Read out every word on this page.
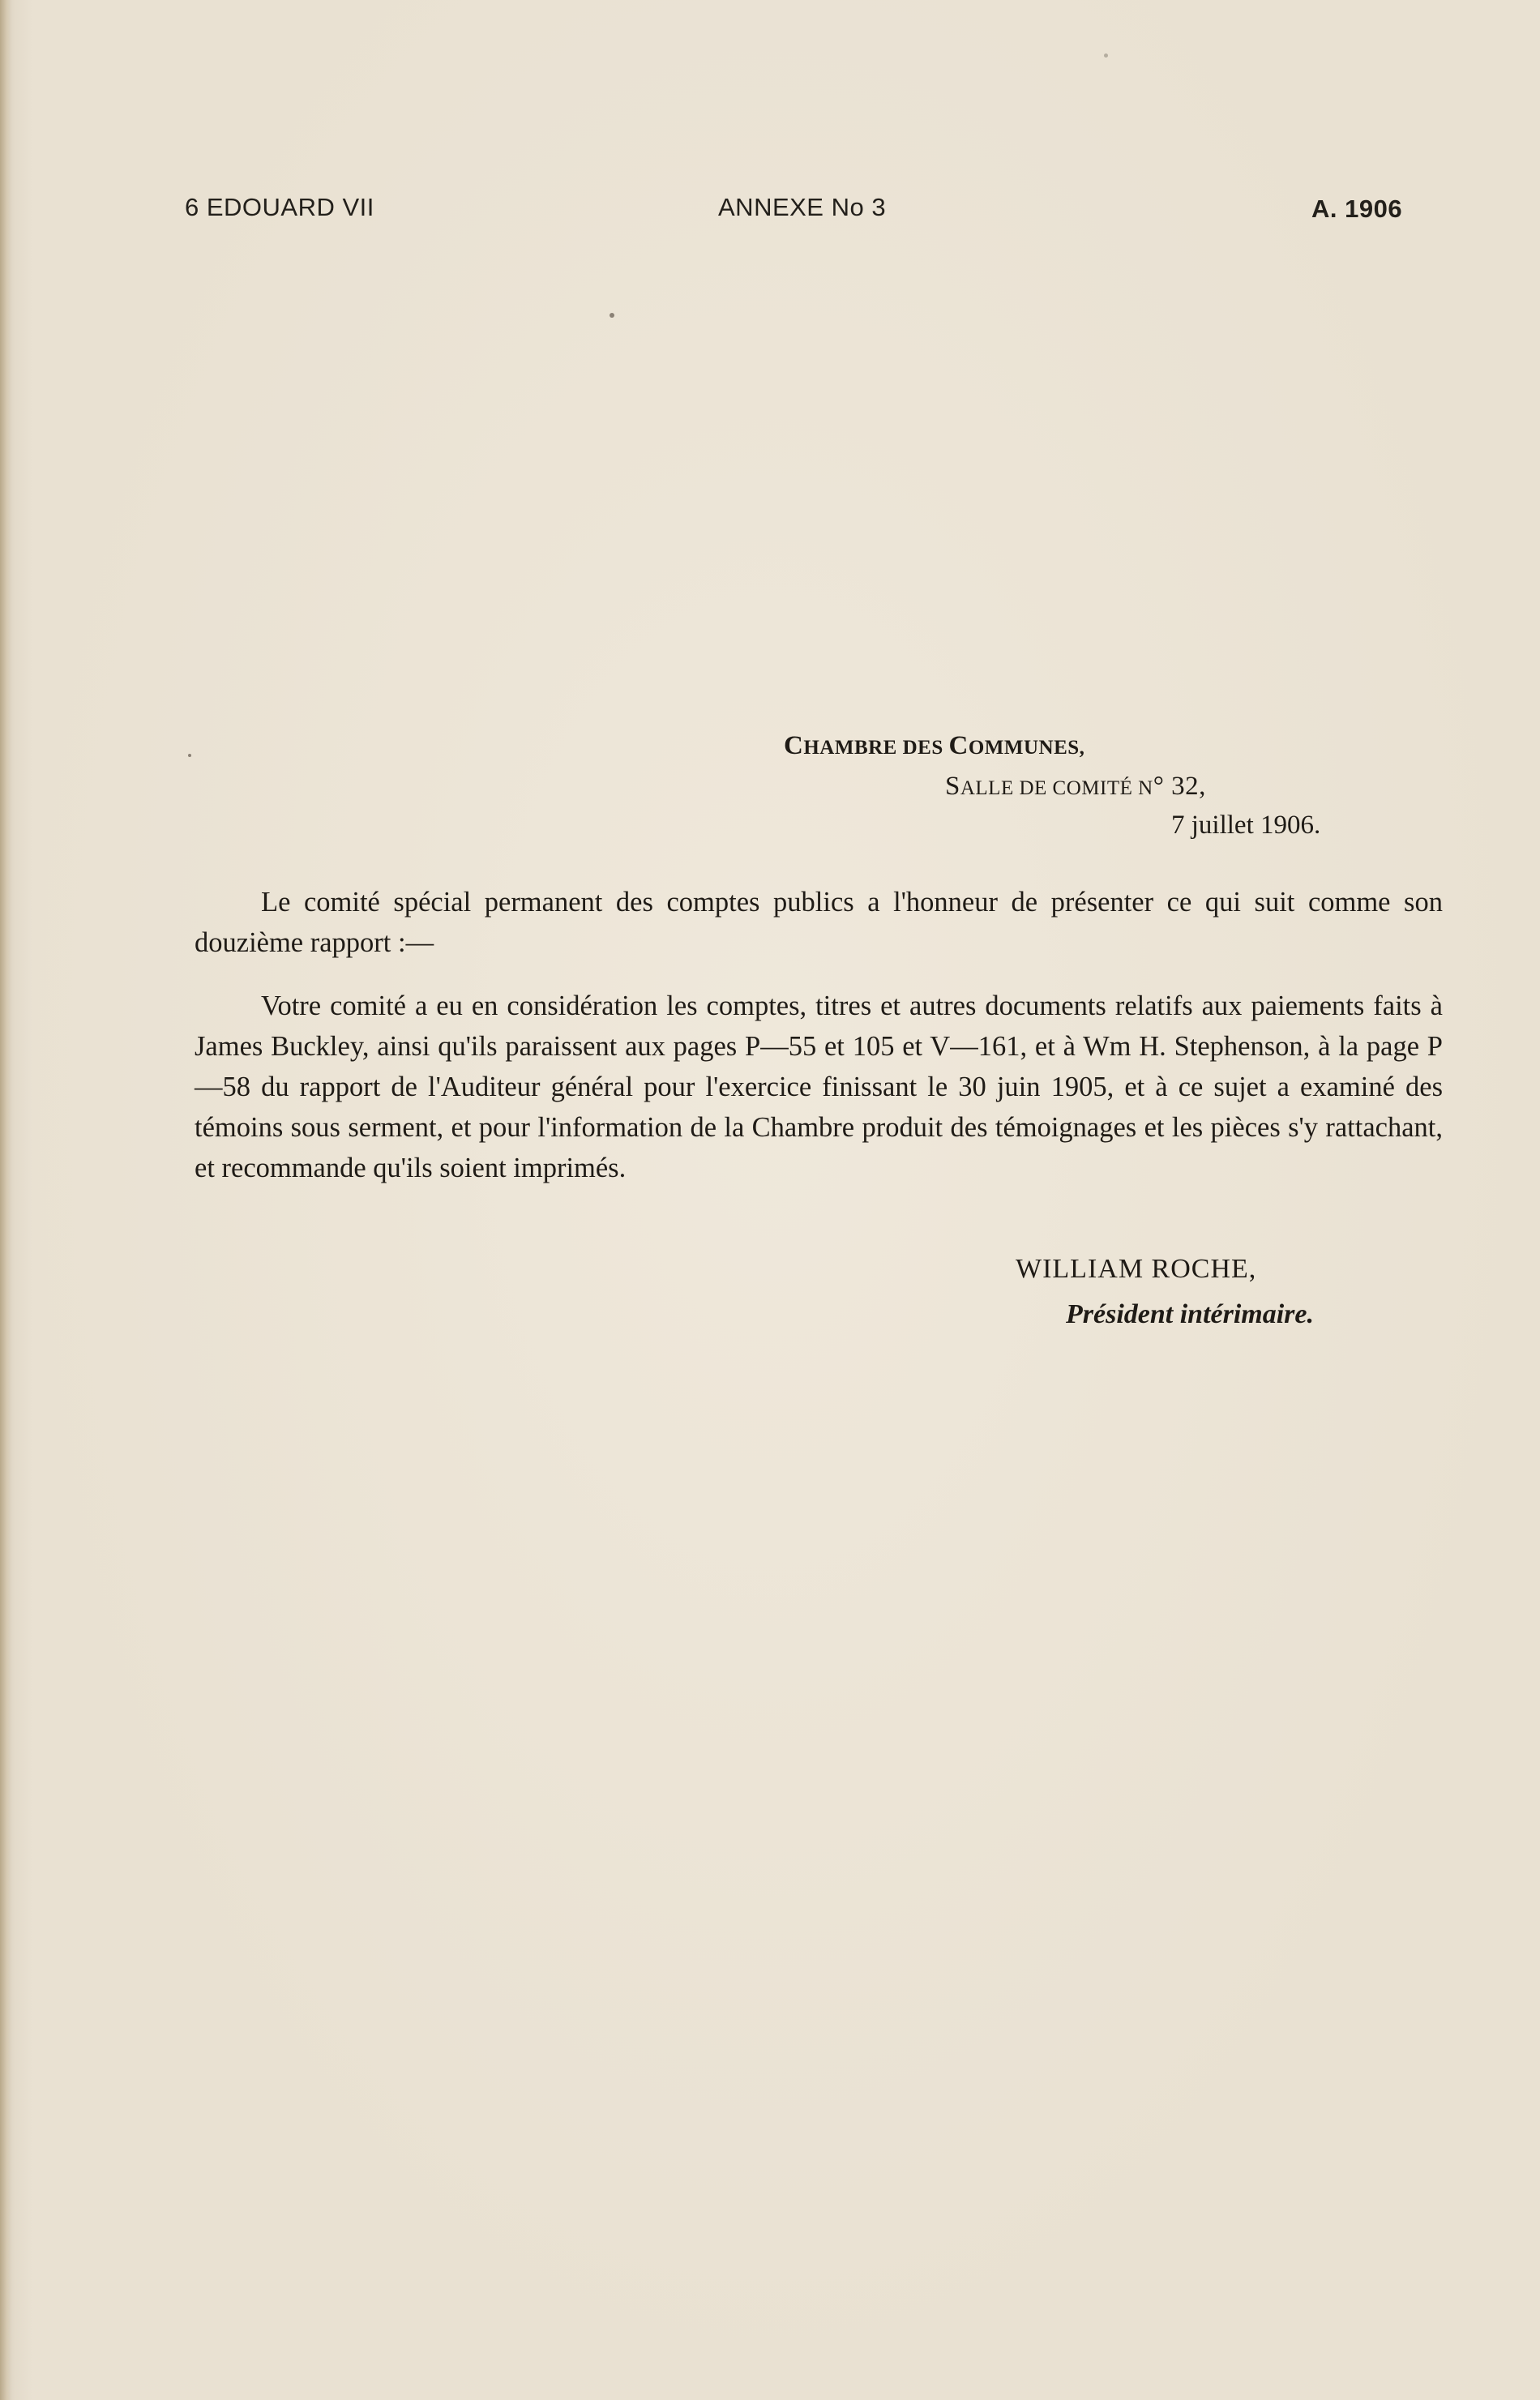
6 EDOUARD VII	ANNEXE No 3	A. 1906
CHAMBRE DES COMMUNES,
SALLE DE COMITÉ N° 32,
7 juillet 1906.

Le comité spécial permanent des comptes publics a l'honneur de présenter ce qui suit comme son douzième rapport :—

Votre comité a eu en considération les comptes, titres et autres documents relatifs aux paiements faits à James Buckley, ainsi qu'ils paraissent aux pages P—55 et 105 et V—161, et à Wm H. Stephenson, à la page P—58 du rapport de l'Auditeur général pour l'exercice finissant le 30 juin 1905, et à ce sujet a examiné des témoins sous serment, et pour l'information de la Chambre produit des témoignages et les pièces s'y rattachant, et recommande qu'ils soient imprimés.

WILLIAM ROCHE,
Président intérimaire.
